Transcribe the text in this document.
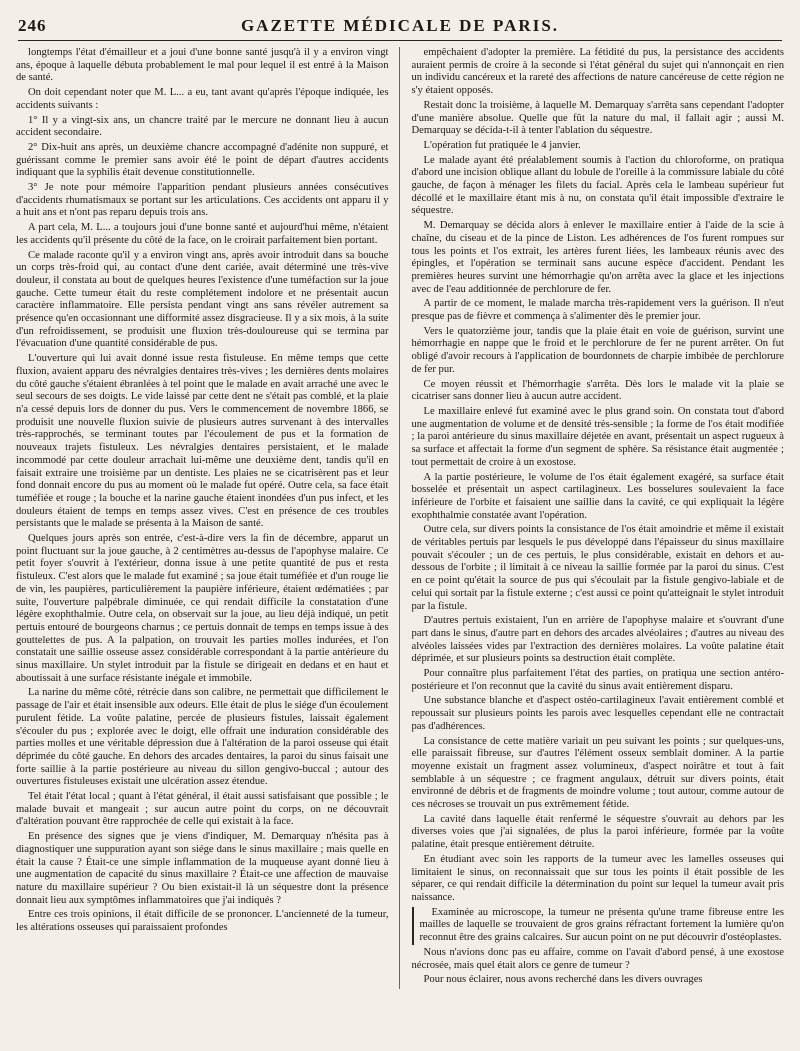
246	GAZETTE MÉDICALE DE PARIS.

longtemps l'état d'émailleur et a joui d'une bonne santé jusqu'à il y a environ vingt ans, époque à laquelle débuta probablement le mal pour lequel il est entré à la Maison de santé.

On doit cependant noter que M. L... a eu, tant avant qu'après l'époque indiquée, les accidents suivants :

1° Il y a vingt-six ans, un chancre traité par le mercure ne donnant lieu à aucun accident secondaire.

2° Dix-huit ans après, un deuxième chancre accompagné d'adénite non suppuré, et guérissant comme le premier sans avoir été le point de départ d'autres accidents indiquant que la syphilis était devenue constitutionnelle.

3° Je note pour mémoire l'apparition pendant plusieurs années consécutives d'accidents rhumatismaux se portant sur les articulations. Ces accidents ont apparu il y a huit ans et n'ont pas reparu depuis trois ans.

A part cela, M. L... a toujours joui d'une bonne santé et aujourd'hui même, n'étaient les accidents qu'il présente du côté de la face, on le croirait parfaitement bien portant.

Ce malade raconte qu'il y a environ vingt ans, après avoir introduit dans sa bouche un corps très-froid qui, au contact d'une dent cariée, avait déterminé une très-vive douleur, il constata au bout de quelques heures l'existence d'une tuméfaction sur la joue gauche. Cette tumeur était du reste complétement indolore et ne présentait aucun caractère inflammatoire. Elle persista pendant vingt ans sans révéler autrement sa présence qu'en occasionnant une difformité assez disgracieuse. Il y a six mois, à la suite d'un refroidissement, se produisit une fluxion très-douloureuse qui se termina par l'évacuation d'une quantité considérable de pus.

L'ouverture qui lui avait donné issue resta fistuleuse. En même temps que cette fluxion, avaient apparu des névralgies dentaires très-vives ; les dernières dents molaires du côté gauche s'étaient ébranlées à tel point que le malade en avait arraché une avec le seul secours de ses doigts. Le vide laissé par cette dent ne s'était pas comblé, et la plaie n'a cessé depuis lors de donner du pus. Vers le commencement de novembre 1866, se produisit une nouvelle fluxion suivie de plusieurs autres survenant à des intervalles très-rapprochés, se terminant toutes par l'écoulement de pus et la formation de nouveaux trajets fistuleux. Les névralgies dentaires persistaient, et le malade incommodé par cette douleur arrachait lui-même une deuxième dent, tandis qu'il en faisait extraire une troisième par un dentiste. Les plaies ne se cicatrisèrent pas et leur fond donnait encore du pus au moment où le malade fut opéré. Outre cela, sa face était tuméfiée et rouge ; la bouche et la narine gauche étaient inondées d'un pus infect, et les douleurs étaient de temps en temps assez vives. C'est en présence de ces troubles persistants que le malade se présenta à la Maison de santé.

Quelques jours après son entrée, c'est-à-dire vers la fin de décembre, apparut un point fluctuant sur la joue gauche, à 2 centimètres au-dessus de l'apophyse malaire. Ce petit foyer s'ouvrit à l'extérieur, donna issue à une petite quantité de pus et resta fistuleux. C'est alors que le malade fut examiné ; sa joue était tuméfiée et d'un rouge lie de vin, les paupières, particulièrement la paupière inférieure, étaient œdématiées ; par suite, l'ouverture palpébrale diminuée, ce qui rendait difficile la constatation d'une légère exophthalmie. Outre cela, on observait sur la joue, au lieu déjà indiqué, un petit pertuis entouré de bourgeons charnus ; ce pertuis donnait de temps en temps issue à des gouttelettes de pus. A la palpation, on trouvait les parties molles indurées, et l'on constatait une saillie osseuse assez considérable correspondant à la partie antérieure du sinus maxillaire. Un stylet introduit par la fistule se dirigeait en dedans et en haut et aboutissait à une surface résistante inégale et immobile.

La narine du même côté, rétrécie dans son calibre, ne permettait que difficilement le passage de l'air et était insensible aux odeurs. Elle était de plus le siége d'un écoulement purulent fétide. La voûte palatine, percée de plusieurs fistules, laissait également s'écouler du pus ; explorée avec le doigt, elle offrait une induration considérable des parties molles et une véritable dépression due à l'altération de la paroi osseuse qui était déprimée du côté gauche. En dehors des arcades dentaires, la paroi du sinus faisait une forte saillie à la partie postérieure au niveau du sillon gengivo-buccal ; autour des ouvertures fistuleuses existait une ulcération assez étendue.

Tel était l'état local ; quant à l'état général, il était aussi satisfaisant que possible ; le malade buvait et mangeait ; sur aucun autre point du corps, on ne découvrait d'altération pouvant être rapprochée de celle qui existait à la face.

En présence des signes que je viens d'indiquer, M. Demarquay n'hésita pas à diagnostiquer une suppuration ayant son siége dans le sinus maxillaire ; mais quelle en était la cause ? Était-ce une simple inflammation de la muqueuse ayant donné lieu à une augmentation de capacité du sinus maxillaire ? Était-ce une affection de mauvaise nature du maxillaire supérieur ? Ou bien existait-il là un séquestre dont la présence donnait lieu aux symptômes inflammatoires que j'ai indiqués ?

Entre ces trois opinions, il était difficile de se prononcer. L'ancienneté de la tumeur, les altérations osseuses qui paraissaient profondes

empêchaient d'adopter la première. La fétidité du pus, la persistance des accidents auraient permis de croire à la seconde si l'état général du sujet qui n'annonçait en rien un individu cancéreux et la rareté des affections de nature cancéreuse de cette région ne s'y étaient opposés.

Restait donc la troisième, à laquelle M. Demarquay s'arrêta sans cependant l'adopter d'une manière absolue. Quelle que fût la nature du mal, il fallait agir ; aussi M. Demarquay se décida-t-il à tenter l'ablation du séquestre.

L'opération fut pratiquée le 4 janvier.

Le malade ayant été préalablement soumis à l'action du chloroforme, on pratiqua d'abord une incision oblique allant du lobule de l'oreille à la commissure labiale du côté gauche, de façon à ménager les filets du facial. Après cela le lambeau supérieur fut décollé et le maxillaire étant mis à nu, on constata qu'il était impossible d'extraire le séquestre.

M. Demarquay se décida alors à enlever le maxillaire entier à l'aide de la scie à chaîne, du ciseau et de la pince de Liston. Les adhérences de l'os furent rompues sur tous les points et l'os extrait, les artères furent liées, les lambeaux réunis avec des épingles, et l'opération se terminait sans aucune espèce d'accident. Pendant les premières heures survint une hémorrhagie qu'on arrêta avec la glace et les injections avec de l'eau additionnée de perchlorure de fer.

A partir de ce moment, le malade marcha très-rapidement vers la guérison. Il n'eut presque pas de fièvre et commença à s'alimenter dès le premier jour.

Vers le quatorzième jour, tandis que la plaie était en voie de guérison, survint une hémorrhagie en nappe que le froid et le perchlorure de fer ne purent arrêter. On fut obligé d'avoir recours à l'application de bourdonnets de charpie imbibée de perchlorure de fer pur.

Ce moyen réussit et l'hémorrhagie s'arrêta. Dès lors le malade vit la plaie se cicatriser sans donner lieu à aucun autre accident.

Le maxillaire enlevé fut examiné avec le plus grand soin. On constata tout d'abord une augmentation de volume et de densité très-sensible ; la forme de l'os était modifiée ; la paroi antérieure du sinus maxillaire déjetée en avant, présentait un aspect rugueux à sa surface et affectait la forme d'un segment de sphère. Sa résistance était augmentée ; tout permettait de croire à un exostose.

A la partie postérieure, le volume de l'os était également exagéré, sa surface était bosselée et présentait un aspect cartilagineux. Les bosselures soulevaient la face inférieure de l'orbite et faisaient une saillie dans la cavité, ce qui expliquait la légère exophthalmie constatée avant l'opération.

Outre cela, sur divers points la consistance de l'os était amoindrie et même il existait de véritables pertuis par lesquels le pus développé dans l'épaisseur du sinus maxillaire pouvait s'écouler ; un de ces pertuis, le plus considérable, existait en dehors et au-dessous de l'orbite ; il limitait à ce niveau la saillie formée par la paroi du sinus. C'est en ce point qu'était la source de pus qui s'écoulait par la fistule gengivo-labiale et de celui qui sortait par la fistule externe ; c'est aussi ce point qu'atteignait le stylet introduit par la fistule.

D'autres pertuis existaient, l'un en arrière de l'apophyse malaire et s'ouvrant d'une part dans le sinus, d'autre part en dehors des arcades alvéolaires ; d'autres au niveau des alvéoles laissées vides par l'extraction des dernières molaires. La voûte palatine était déprimée, et sur plusieurs points sa destruction était complète.

Pour connaître plus parfaitement l'état des parties, on pratiqua une section antéro-postérieure et l'on reconnut que la cavité du sinus avait entièrement disparu.

Une substance blanche et d'aspect ostéo-cartilagineux l'avait entièrement comblé et repoussait sur plusieurs points les parois avec lesquelles cependant elle ne contractait pas d'adhérences.

La consistance de cette matière variait un peu suivant les points ; sur quelques-uns, elle paraissait fibreuse, sur d'autres l'élément osseux semblait dominer. A la partie moyenne existait un fragment assez volumineux, d'aspect noirâtre et tout à fait semblable à un séquestre ; ce fragment angulaux, détruit sur divers points, était environné de débris et de fragments de moindre volume ; tout autour, comme autour de ces nécroses se trouvait un pus extrêmement fétide.

La cavité dans laquelle était renfermé le séquestre s'ouvrait au dehors par les diverses voies que j'ai signalées, de plus la paroi inférieure, formée par la voûte palatine, était presque entièrement détruite.

En étudiant avec soin les rapports de la tumeur avec les lamelles osseuses qui limitaient le sinus, on reconnaissait que sur tous les points il était possible de les séparer, ce qui rendait difficile la détermination du point sur lequel la tumeur avait pris naissance.

Examinée au microscope, la tumeur ne présenta qu'une trame fibreuse entre les mailles de laquelle se trouvaient de gros grains réfractant fortement la lumière qu'on reconnut être des grains calcaires. Sur aucun point on ne put découvrir d'ostéoplastes.

Nous n'avions donc pas eu affaire, comme on l'avait d'abord pensé, à une exostose nécrosée, mais quel était alors ce genre de tumeur ?

Pour nous éclairer, nous avons recherché dans les divers ouvrages
